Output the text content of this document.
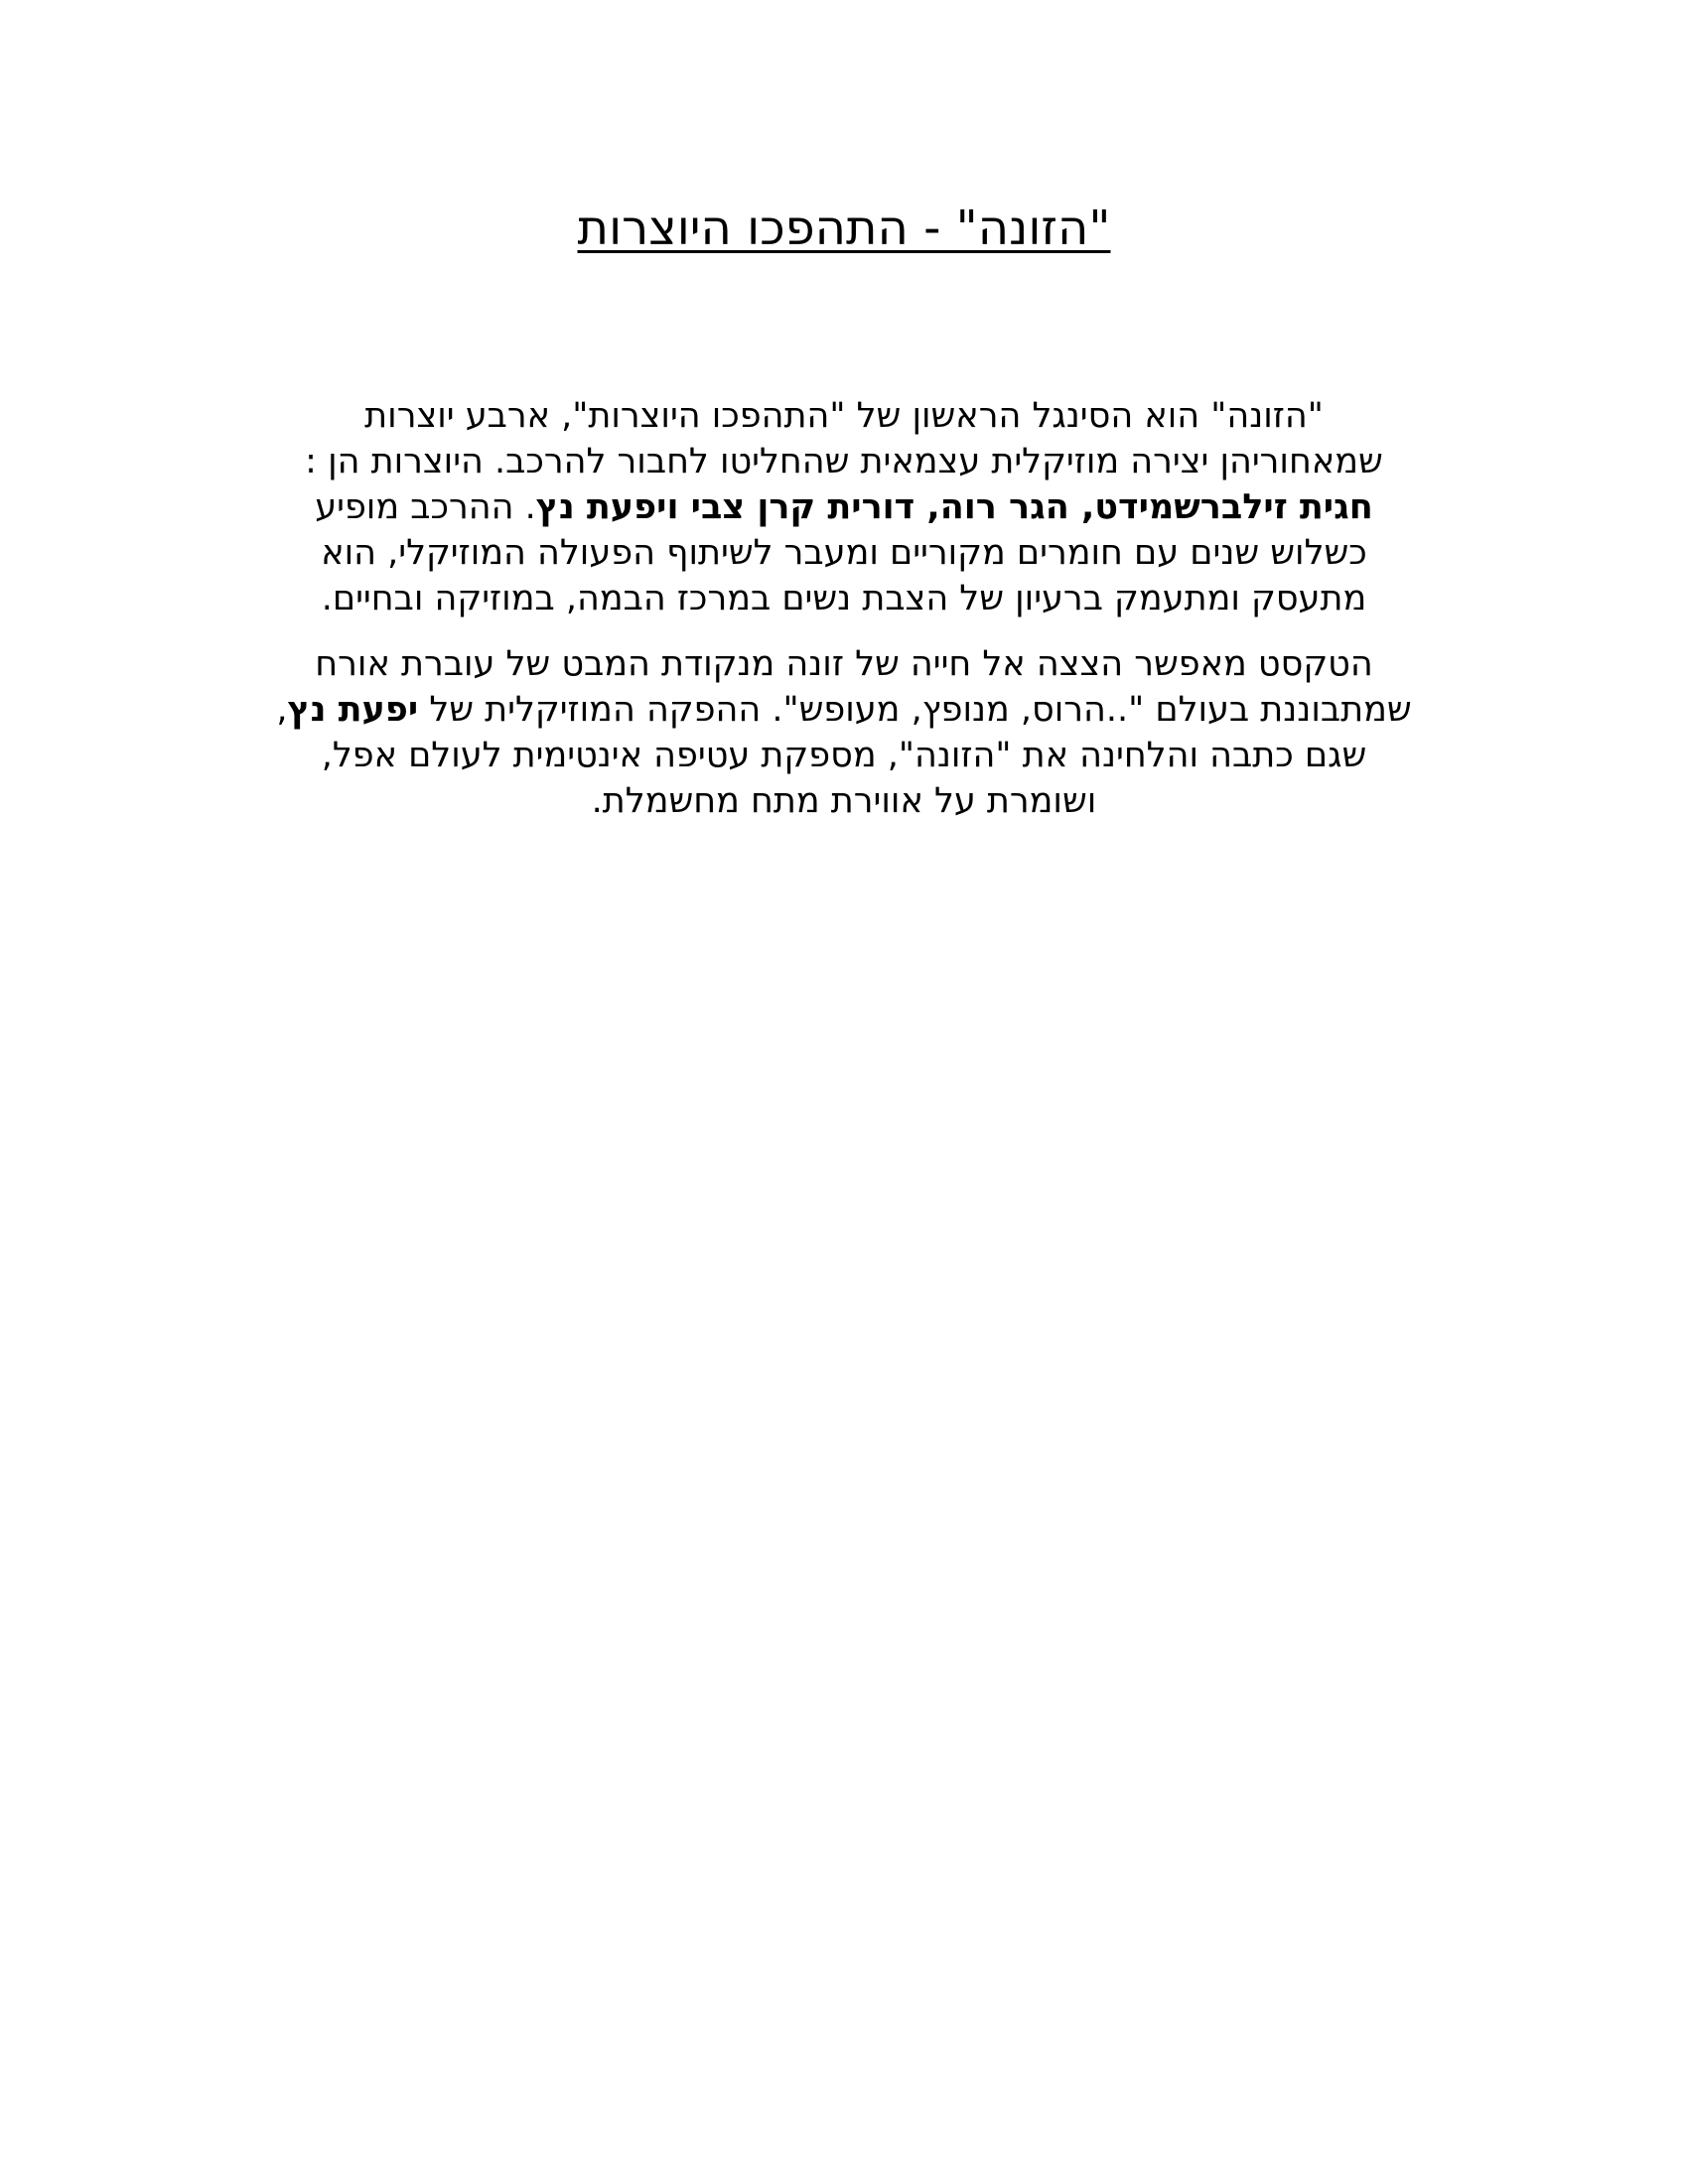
"הזונה" - התהפכו היוצרות

"הזונה" הוא הסינגל הראשון של "התהפכו היוצרות", ארבע יוצרות
שמאחוריהן יצירה מוזיקלית עצמאית שהחליטו לחבור להרכב. היוצרות הן :
חגית זילברשמידט, הגר רוה, דורית קרן צבי ויפעת נץ. ההרכב מופיע
כשלוש שנים עם חומרים מקוריים ומעבר לשיתוף הפעולה המוזיקלי, הוא
מתעסק ומתעמק ברעיון של הצבת נשים במרכז הבמה, במוזיקה ובחיים.

הטקסט מאפשר הצצה אל חייה של זונה מנקודת המבט של עוברת אורח
שמתבוננת בעולם "..הרוס, מנופץ, מעופש". ההפקה המוזיקלית של יפעת נץ,
שגם כתבה והלחינה את "הזונה", מספקת עטיפה אינטימית לעולם אפל,
ושומרת על אווירת מתח מחשמלת.
